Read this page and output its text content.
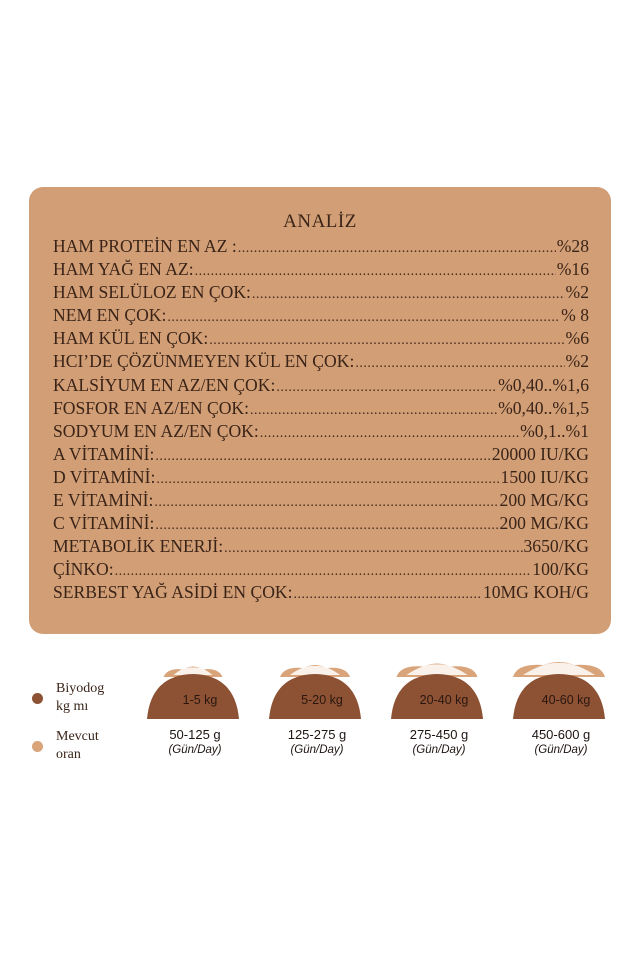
ANALİZ
HAM PROTEİN EN AZ : .....	%28
HAM YAĞ EN AZ: .....	%16
HAM SELÜLOZ EN ÇOK: .....	%2
NEM EN ÇOK: .....	% 8
HAM KÜL EN ÇOK: .....	%6
HCI’DE ÇÖZÜNMEYEN KÜL EN ÇOK: .....	%2
KALSİYUM EN AZ/EN ÇOK: .....	%0,40..%1,6
FOSFOR EN AZ/EN ÇOK: .....	%0,40..%1,5
SODYUM EN AZ/EN ÇOK: .....	%0,1..%1
A VİTAMİNİ: .....	20000 IU/KG
D VİTAMİNİ: .....	1500 IU/KG
E VİTAMİNİ: .....	200 MG/KG
C VİTAMİNİ: .....	200 MG/KG
METABOLİK ENERJİ: .....	3650/KG
ÇİNKO: .....	100/KG
SERBEST YAĞ ASİDİ EN ÇOK: .....	10MG KOH/G
Biyodog
kg mı
Mevcut
oran
1-5 kg
50-125 g
(Gün/Day)
5-20 kg
125-275 g
(Gün/Day)
20-40 kg
275-450 g
(Gün/Day)
40-60 kg
450-600 g
(Gün/Day)
